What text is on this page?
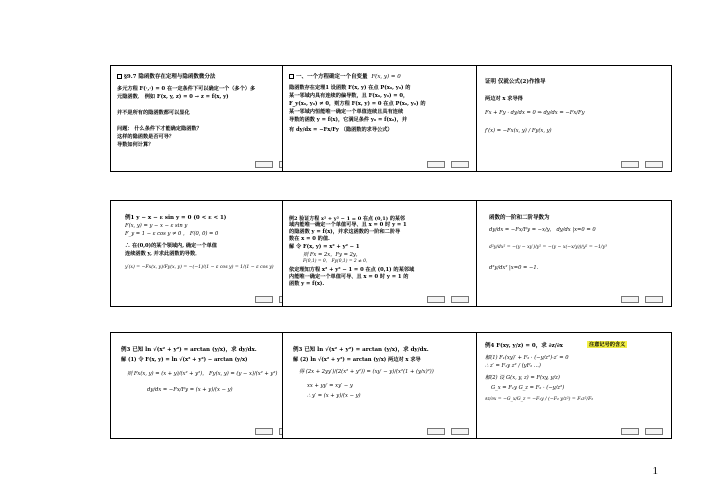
§9.7 隐函数存在定理与隐函数微分法
多元方程 F(·,·) = 0 在一定条件下可以确定一个（多个）多
元隐函数． 例如 F(x, y, z) = 0 → z = f(x, y)
并不是所有的隐函数都可以显化
问题： 什么条件下才能确定隐函数？
这样的隐函数是否可导？
导数如何计算？
一、一个方程确定一个自变量 F(x, y) = 0
隐函数存在定理1 设函数 F(x, y) 在点 P(x₀, y₀) 的
某一邻域内具有连续的偏导数，且 F(x₀, y₀) = 0，
F_y(x₀, y₀) ≠ 0，则方程 F(x, y) = 0 在点 P(x₀, y₀) 的
某一邻域内恒能唯一确定一个单值连续且具有连续
导数的函数 y = f(x)，它满足条件 y₀ = f(x₀)，并
有 dy/dx = −Fx/Fy （隐函数的求导公式）
证明 仅就公式(2)作推导
两边对 x 求导得
Fx + Fy · dy/dx = 0 ⇒ dy/dx = −Fx/Fy
f′(x) = −Fx(x, y) / Fy(x, y)
例1 y − x − ε sin y = 0 (0 < ε < 1)
F(x, y) = y − x − ε sin y
F_y = 1 − ε cos y ≠ 0 ， F(0, 0) = 0
∴ 在(0,0)的某个领域内, 确定一个单值
连续函数 y, 并求此函数的导数．
y′(x) = −Fx(x, y)/Fy(x, y) = −(−1)/(1 − ε cos y) = 1/(1 − ε cos y)
例2 验证方程 x² + y² − 1 = 0 在点 (0,1) 的某邻
域内能唯一确定一个单值可导、且 x = 0 时 y = 1
的隐函数 y = f(x)，并求这函数的一阶和二阶导
数在 x = 0 的值.
解 令 F(x, y) = x² + y² − 1
则 Fx = 2x，Fy = 2y，
F(0,1) = 0， Fy(0,1) = 2 ≠ 0，
依定理知方程 x² + y² − 1 = 0 在点 (0,1) 的某邻域
内能唯一确定一个单值可导、且 x = 0 时 y = 1 的
函数 y = f(x).
函数的一阶和二阶导数为
dy/dx = −Fx/Fy = −x/y， dy/dx |x=0 = 0
d²y/dx² = −(y − xy′)/y² = −(y − x(−x/y))/y² = −1/y³
d²y/dx² |x=0 = −1.
例3 已知 ln √(x² + y²) = arctan (y/x)，求 dy/dx.
解 (1) 令 F(x, y) = ln √(x² + y²) − arctan (y/x)
则 Fx(x, y) = (x + y)/(x² + y²)， Fy(x, y) = (y − x)/(x² + y²)
dy/dx = −Fx/Fy = (x + y)/(x − y)
例3 已知 ln √(x² + y²) = arctan (y/x)，求 dy/dx.
解 (2) ln √(x² + y²) = arctan (y/x) 两边对 x 求导
得 (2x + 2yy′)/(2(x² + y²)) = (xy′ − y)/(x²(1 + (y/x)²))
xx + yy′ = xy′ − y
∴ y′ = (x + y)/(x − y)
例4 F(xy, y/z) = 0，求 ∂z/∂x	注意记号的含义
解(1) F₁(xy)′ + F₂ · (−y/z²)·z′ = 0
∴ z′ = F₁y z² / (yF₂ ...)
解(2) 设 G(x, y, z) = F(xy, y/z)
G_x = F₁y G_z = F₂ · (−y/z²)
∂z/∂x = −G_x/G_z = −F₁y / (−F₂ y/z²) = F₁z²/F₂
1
